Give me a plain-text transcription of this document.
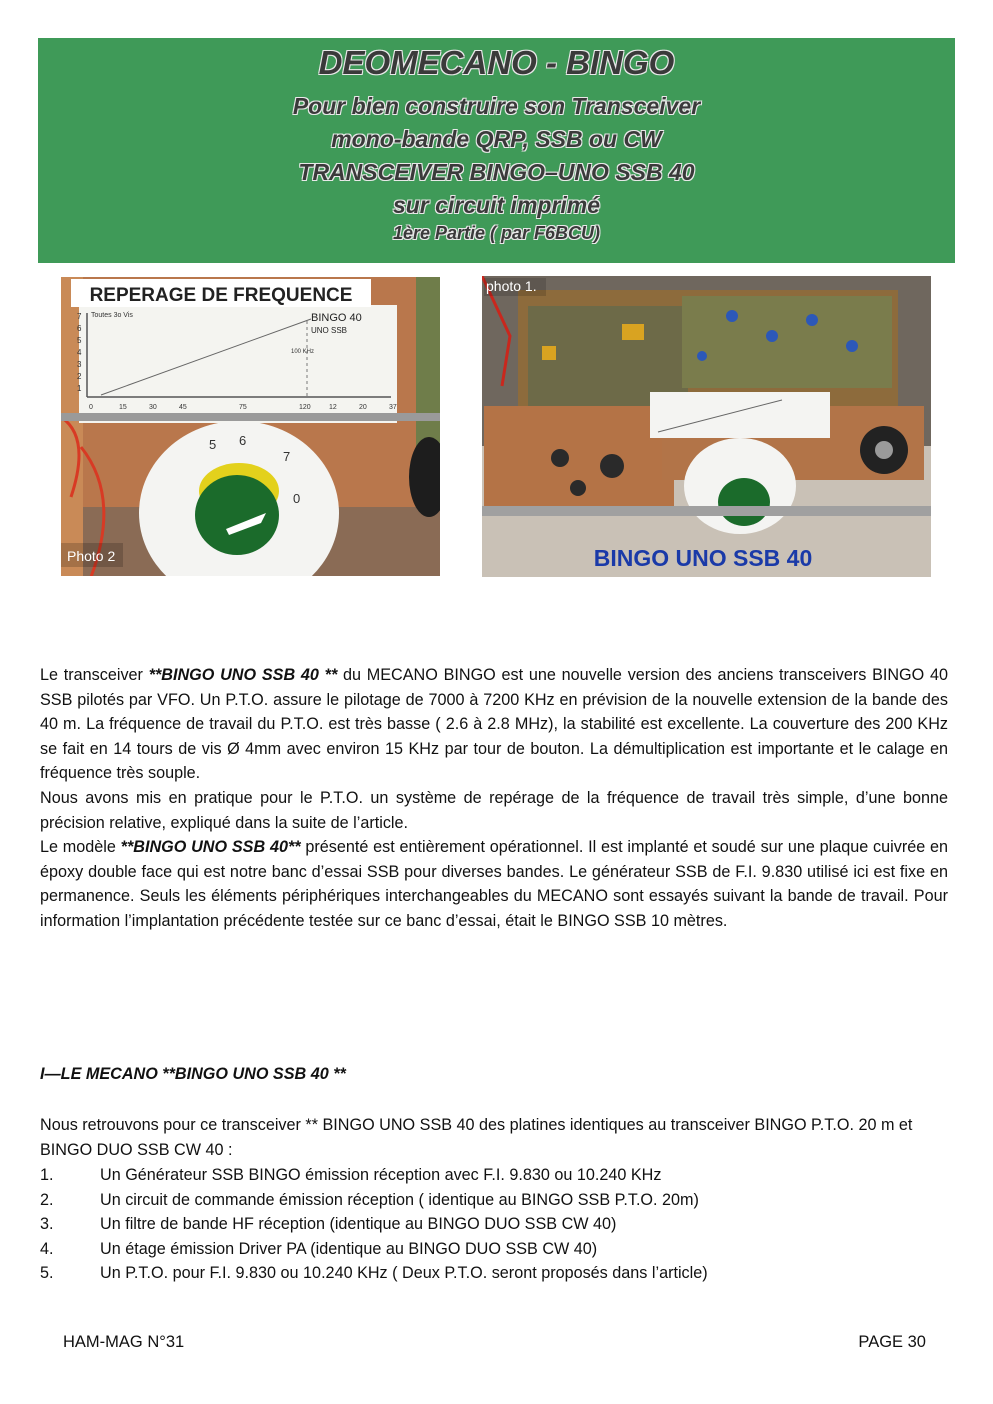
DEOMECANO - BINGO
Pour bien construire son Transceiver
mono-bande QRP, SSB ou CW
TRANSCEIVER BINGO–UNO SSB 40
sur circuit imprimé
1ère Partie ( par F6BCU)
REPERAGE DE FREQUENCE
Toutes 3o Vis	BINGO 40
UNO SSB
100 KHz
7
6
5
4
3
2
1
0	15	30	45	75	120	12	20	37
5 6
7
0
Photo 2
photo 1.
BINGO UNO SSB 40

Le transceiver **BINGO UNO SSB 40 ** du MECANO BINGO est une nouvelle version des anciens transceivers BINGO 40 SSB pilotés par VFO. Un P.T.O. assure le pilotage de 7000 à 7200 KHz en prévision de la nouvelle extension de la bande des 40 m. La fréquence de travail du P.T.O. est très basse ( 2.6 à 2.8 MHz), la stabilité est excellente. La couverture des 200 KHz se fait en 14 tours de vis Ø 4mm avec environ 15 KHz par tour de bouton. La démultiplication est importante et le calage en fréquence très souple.

Nous avons mis en pratique pour le P.T.O. un système de repérage de la fréquence de travail très simple, d’une bonne précision relative, expliqué dans la suite de l’article.

Le modèle **BINGO UNO SSB 40** présenté est entièrement opérationnel. Il est implanté et soudé sur une plaque cuivrée en époxy double face qui est notre banc d’essai SSB pour diverses bandes. Le générateur SSB de F.I. 9.830 utilisé ici est fixe en permanence. Seuls les éléments périphériques interchangeables du MECANO sont essayés suivant la bande de travail. Pour information l’implantation précédente testée sur ce banc d’essai, était le BINGO SSB 10 mètres.

I—LE MECANO **BINGO UNO SSB 40 **
Nous retrouvons pour ce transceiver ** BINGO UNO SSB 40 des platines identiques au transceiver BINGO P.T.O. 20 m et BINGO DUO SSB CW 40 :
1.	Un Générateur SSB BINGO émission réception avec F.I. 9.830 ou 10.240 KHz
2.	Un circuit de commande émission réception ( identique au BINGO SSB P.T.O. 20m)
3.	Un filtre de bande HF réception (identique au BINGO DUO SSB CW 40)
4.	Un étage émission Driver PA (identique au BINGO DUO SSB CW 40)
5.	Un P.T.O. pour F.I. 9.830 ou 10.240 KHz ( Deux P.T.O. seront proposés dans l’article)
HAM-MAG N°31	PAGE 30
